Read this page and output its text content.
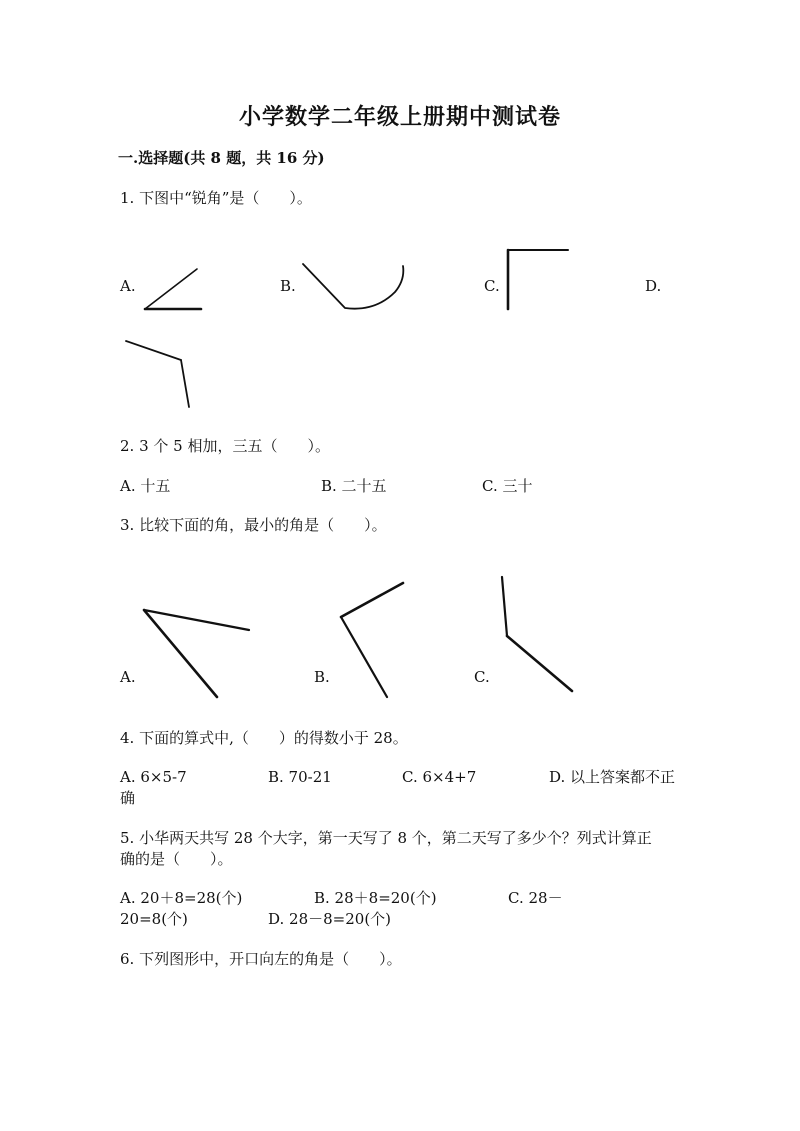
小学数学二年级上册期中测试卷
一.选择题(共 8 题，共 16 分)
1. 下图中“锐角”是（　　）。
A.	B.	C.	D.
2. 3 个 5 相加，三五（　　）。
A. 十五	B. 二十五	C. 三十
3. 比较下面的角，最小的角是（　　）。
A.	B.	C.
4. 下面的算式中,（　　）的得数小于 28。
A. 6×5-7	B. 70-21	C. 6×4+7	D. 以上答案都不正
确
5. 小华两天共写 28 个大字，第一天写了 8 个，第二天写了多少个？列式计算正
确的是（　　）。
A. 20＋8=28(个)	B. 28＋8=20(个)	C. 28－
20=8(个)	D. 28－8=20(个)
6. 下列图形中，开口向左的角是（　　）。
